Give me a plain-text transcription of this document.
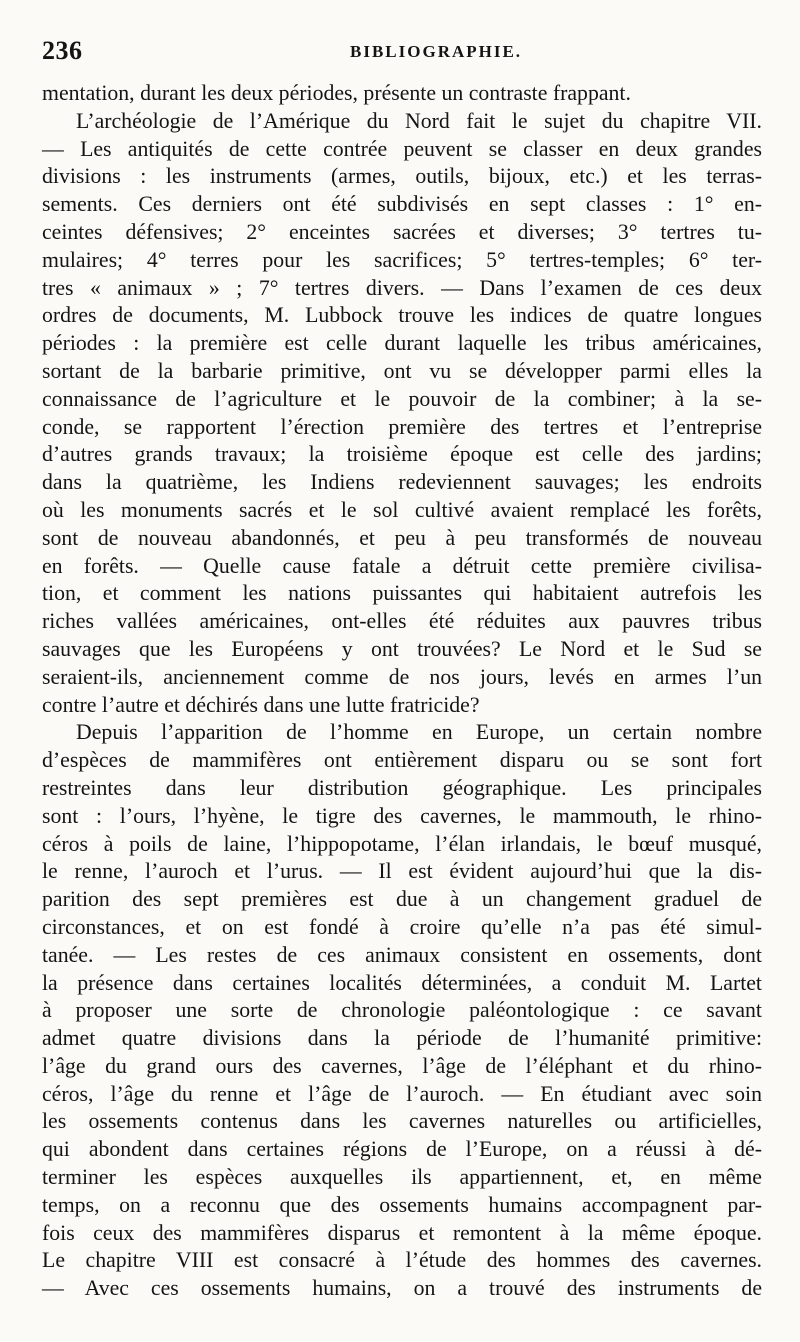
236	BIBLIOGRAPHIE.
mentation, durant les deux périodes, présente un contraste frappant.
L’archéologie de l’Amérique du Nord fait le sujet du chapitre VII.
— Les antiquités de cette contrée peuvent se classer en deux grandes
divisions : les instruments (armes, outils, bijoux, etc.) et les terras-
sements. Ces derniers ont été subdivisés en sept classes : 1° en-
ceintes défensives; 2° enceintes sacrées et diverses; 3° tertres tu-
mulaires; 4° terres pour les sacrifices; 5° tertres-temples; 6° ter-
tres « animaux » ; 7° tertres divers. — Dans l’examen de ces deux
ordres de documents, M. Lubbock trouve les indices de quatre longues
périodes : la première est celle durant laquelle les tribus américaines,
sortant de la barbarie primitive, ont vu se développer parmi elles la
connaissance de l’agriculture et le pouvoir de la combiner; à la se-
conde, se rapportent l’érection première des tertres et l’entreprise
d’autres grands travaux; la troisième époque est celle des jardins;
dans la quatrième, les Indiens redeviennent sauvages; les endroits
où les monuments sacrés et le sol cultivé avaient remplacé les forêts,
sont de nouveau abandonnés, et peu à peu transformés de nouveau
en forêts. — Quelle cause fatale a détruit cette première civilisa-
tion, et comment les nations puissantes qui habitaient autrefois les
riches vallées américaines, ont-elles été réduites aux pauvres tribus
sauvages que les Européens y ont trouvées? Le Nord et le Sud se
seraient-ils, anciennement comme de nos jours, levés en armes l’un
contre l’autre et déchirés dans une lutte fratricide?
Depuis l’apparition de l’homme en Europe, un certain nombre
d’espèces de mammifères ont entièrement disparu ou se sont fort
restreintes dans leur distribution géographique. Les principales
sont : l’ours, l’hyène, le tigre des cavernes, le mammouth, le rhino-
céros à poils de laine, l’hippopotame, l’élan irlandais, le bœuf musqué,
le renne, l’auroch et l’urus. — Il est évident aujourd’hui que la dis-
parition des sept premières est due à un changement graduel de
circonstances, et on est fondé à croire qu’elle n’a pas été simul-
tanée. — Les restes de ces animaux consistent en ossements, dont
la présence dans certaines localités déterminées, a conduit M. Lartet
à proposer une sorte de chronologie paléontologique : ce savant
admet quatre divisions dans la période de l’humanité primitive:
l’âge du grand ours des cavernes, l’âge de l’éléphant et du rhino-
céros, l’âge du renne et l’âge de l’auroch. — En étudiant avec soin
les ossements contenus dans les cavernes naturelles ou artificielles,
qui abondent dans certaines régions de l’Europe, on a réussi à dé-
terminer les espèces auxquelles ils appartiennent, et, en même
temps, on a reconnu que des ossements humains accompagnent par-
fois ceux des mammifères disparus et remontent à la même époque.
Le chapitre VIII est consacré à l’étude des hommes des cavernes.
— Avec ces ossements humains, on a trouvé des instruments de
